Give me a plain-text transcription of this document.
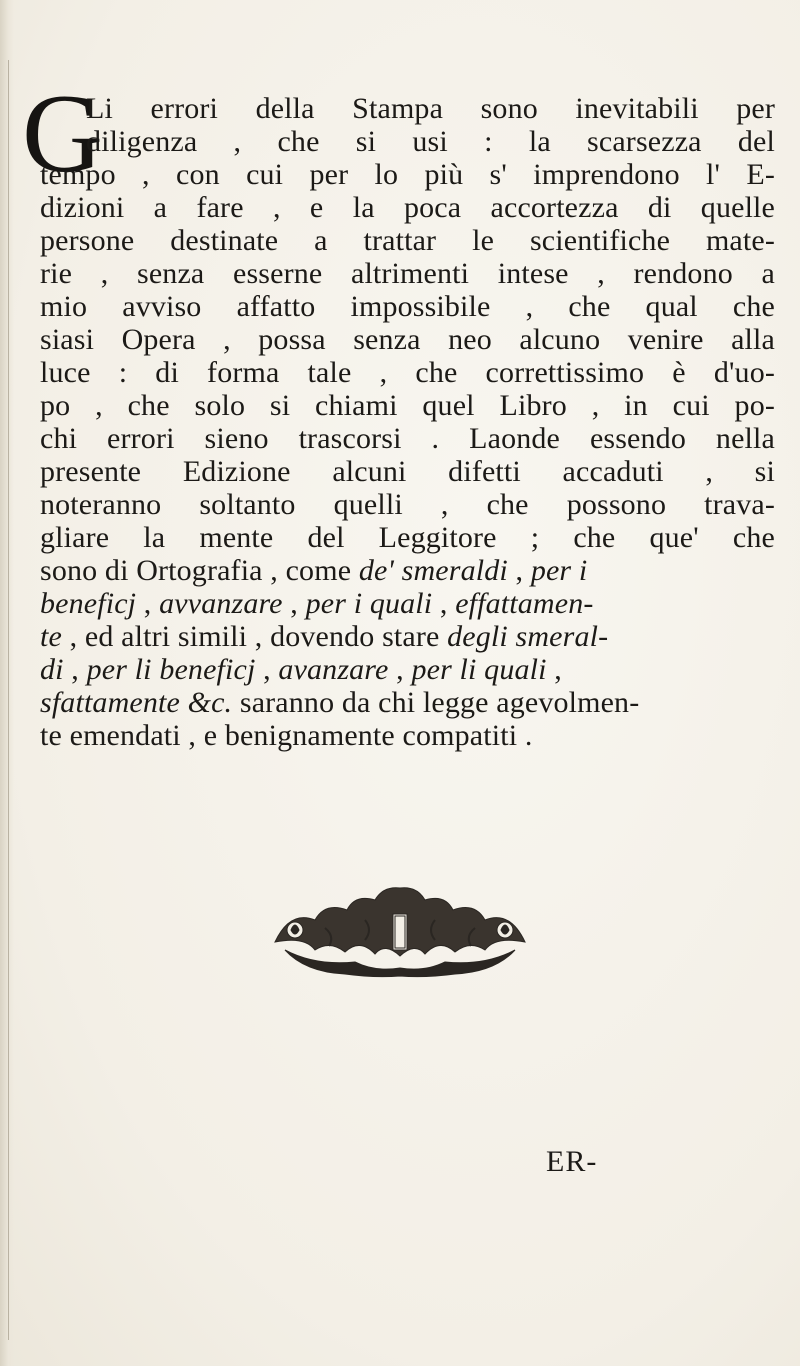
G
Li errori della Stampa sono inevitabili per
diligenza , che si usi : la scarsezza del
tempo , con cui per lo più s' imprendono l' E-
dizioni a fare , e la poca accortezza di quelle
persone destinate a trattar le scientifiche mate-
rie , senza esserne altrimenti intese , rendono a
mio avviso affatto impossibile , che qual che
siasi Opera , possa senza neo alcuno venire alla
luce : di forma tale , che correttissimo è d'uo-
po , che solo si chiami quel Libro , in cui po-
chi errori sieno trascorsi . Laonde essendo nella
presente Edizione alcuni difetti accaduti , si
noteranno soltanto quelli , che possono trava-
gliare la mente del Leggitore ; che que' che
sono di Ortografia , come de' smeraldi , per i
beneficj , avvanzare , per i quali , effattamen-
te , ed altri simili , dovendo stare degli smeral-
di , per li beneficj , avanzare , per li quali ,
sfattamente &c. saranno da chi legge agevolmen-
te emendati , e benignamente compatiti .
ER-
